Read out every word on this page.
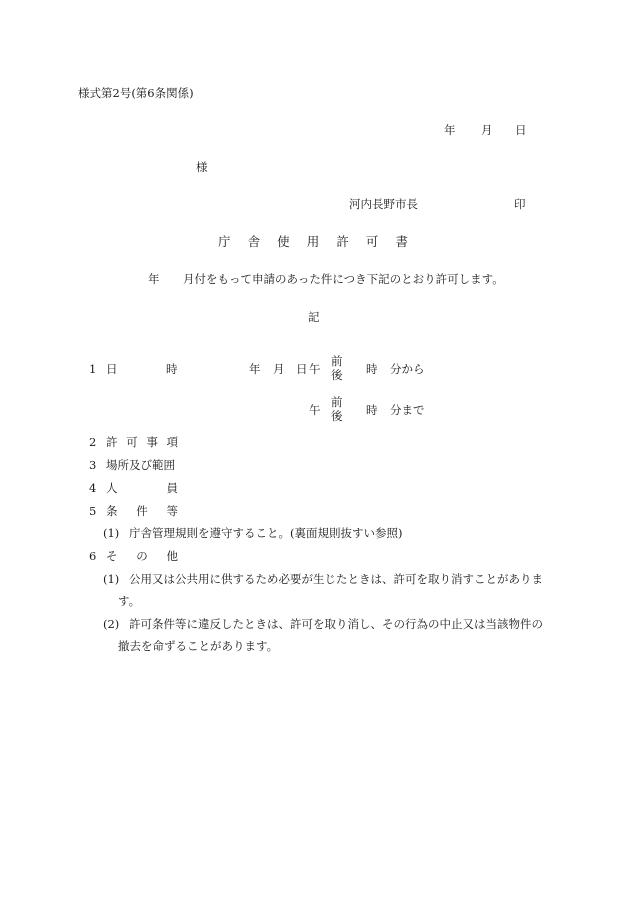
様式第2号(第6条関係)
年 月 日
様
河内長野市長	印
庁 舎 使 用 許 可 書
年 月付をもって申請のあった件につき下記のとおり許可します。
記
1 日	時	年 月 日 午
前
後 時 分から
午
前
後 時 分まで
2 許 可 事 項
3 場所及び範囲
4 人	員
5 条 件 等
(1) 庁舎管理規則を遵守すること。(裏面規則抜すい参照)
6 そ の 他
(1) 公用又は公共用に供するため必要が生じたときは、許可を取り消すことがありま
す。
(2) 許可条件等に違反したときは、許可を取り消し、その行為の中止又は当該物件の
撤去を命ずることがあります。
